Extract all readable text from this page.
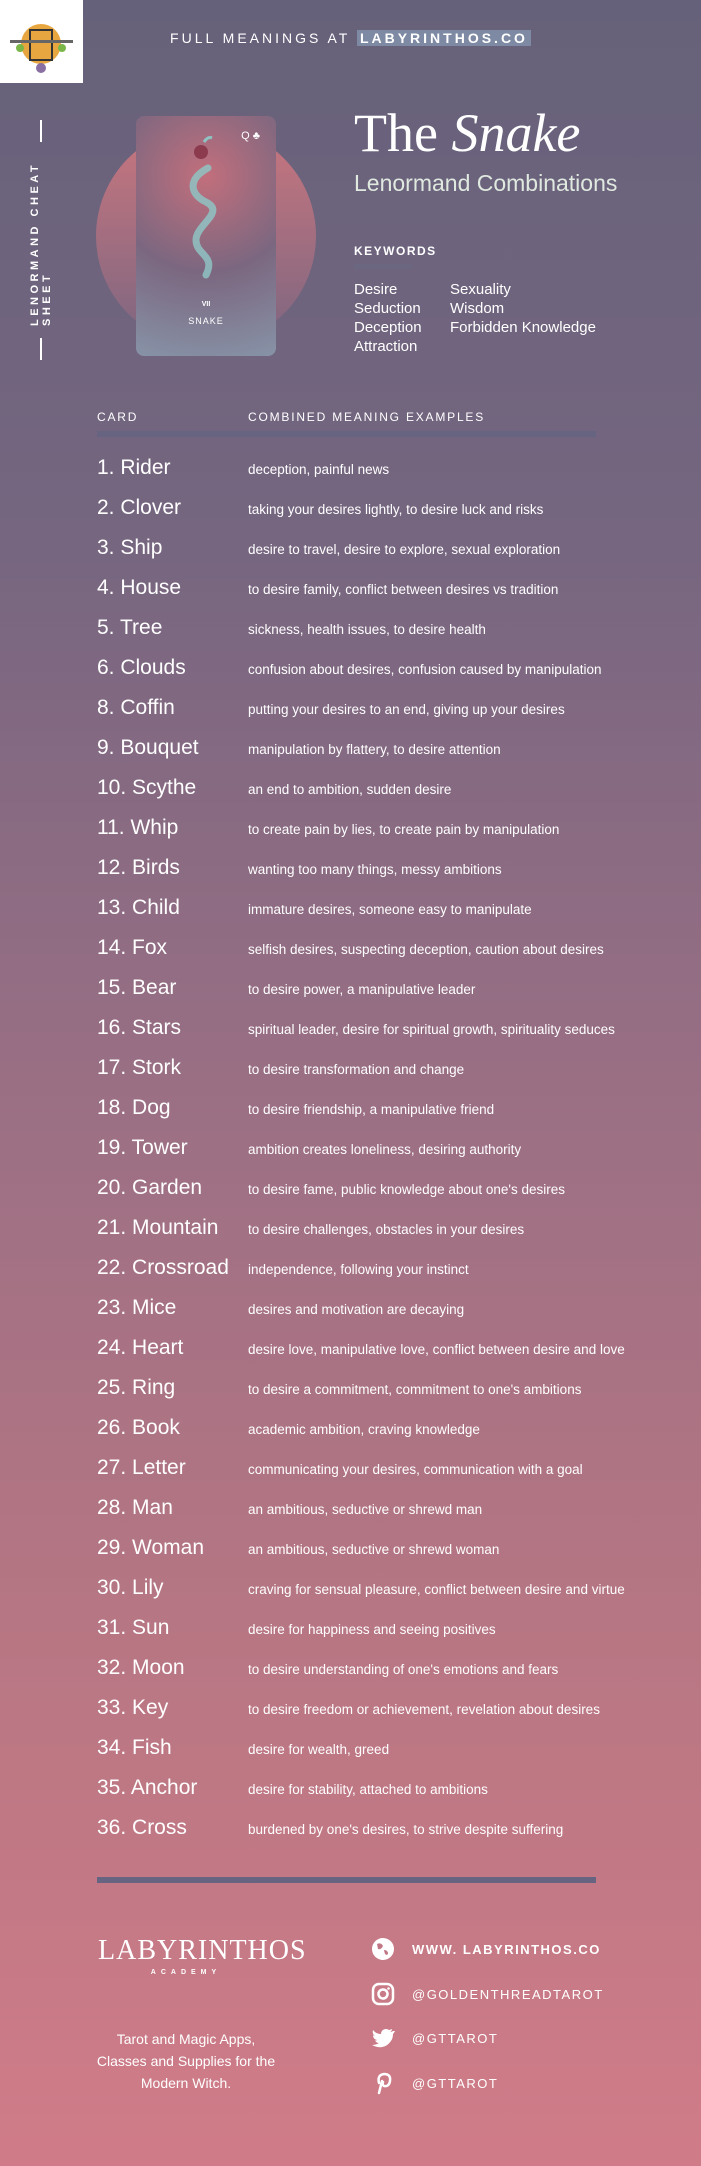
FULL MEANINGS AT LABYRINTHOS.CO
LENORMAND CHEAT SHEET
Q ♣
VII
SNAKE
The Snake
Lenormand Combinations
KEYWORDS
Desire
Seduction
Deception
Attraction
Sexuality
Wisdom
Forbidden Knowledge
CARD	COMBINED MEANING EXAMPLES
1. Rider	deception, painful news
2. Clover	taking your desires lightly, to desire luck and risks
3. Ship	desire to travel, desire to explore, sexual exploration
4. House	to desire family, conflict between desires vs tradition
5. Tree	sickness, health issues, to desire health
6. Clouds	confusion about desires, confusion caused by manipulation
8. Coffin	putting your desires to an end, giving up your desires
9. Bouquet	manipulation by flattery, to desire attention
10. Scythe	an end to ambition, sudden desire
11. Whip	to create pain by lies, to create pain by manipulation
12. Birds	wanting too many things, messy ambitions
13. Child	immature desires, someone easy to manipulate
14. Fox	selfish desires, suspecting deception, caution about desires
15. Bear	to desire power, a manipulative leader
16. Stars	spiritual leader, desire for spiritual growth, spirituality seduces
17. Stork	to desire transformation and change
18. Dog	to desire friendship, a manipulative friend
19. Tower	ambition creates loneliness, desiring authority
20. Garden	to desire fame, public knowledge about one's desires
21. Mountain to desire challenges, obstacles in your desires
22. Crossroad independence, following your instinct
23. Mice	desires and motivation are decaying
24. Heart	desire love, manipulative love, conflict between desire and love
25. Ring	to desire a commitment, commitment to one's ambitions
26. Book	academic ambition, craving knowledge
27. Letter	communicating your desires, communication with a goal
28. Man	an ambitious, seductive or shrewd man
29. Woman	an ambitious, seductive or shrewd woman
30. Lily	craving for sensual pleasure, conflict between desire and virtue
31. Sun	desire for happiness and seeing positives
32. Moon	to desire understanding of one's emotions and fears
33. Key	to desire freedom or achievement, revelation about desires
34. Fish	desire for wealth, greed
35. Anchor	desire for stability, attached to ambitions
36. Cross	burdened by one's desires, to strive despite suffering
LABYRINTHOS
ACADEMY
Tarot and Magic Apps,
Classes and Supplies for the
Modern Witch.
WWW. LABYRINTHOS.CO
@GOLDENTHREADTAROT
@GTTAROT
@GTTAROT
